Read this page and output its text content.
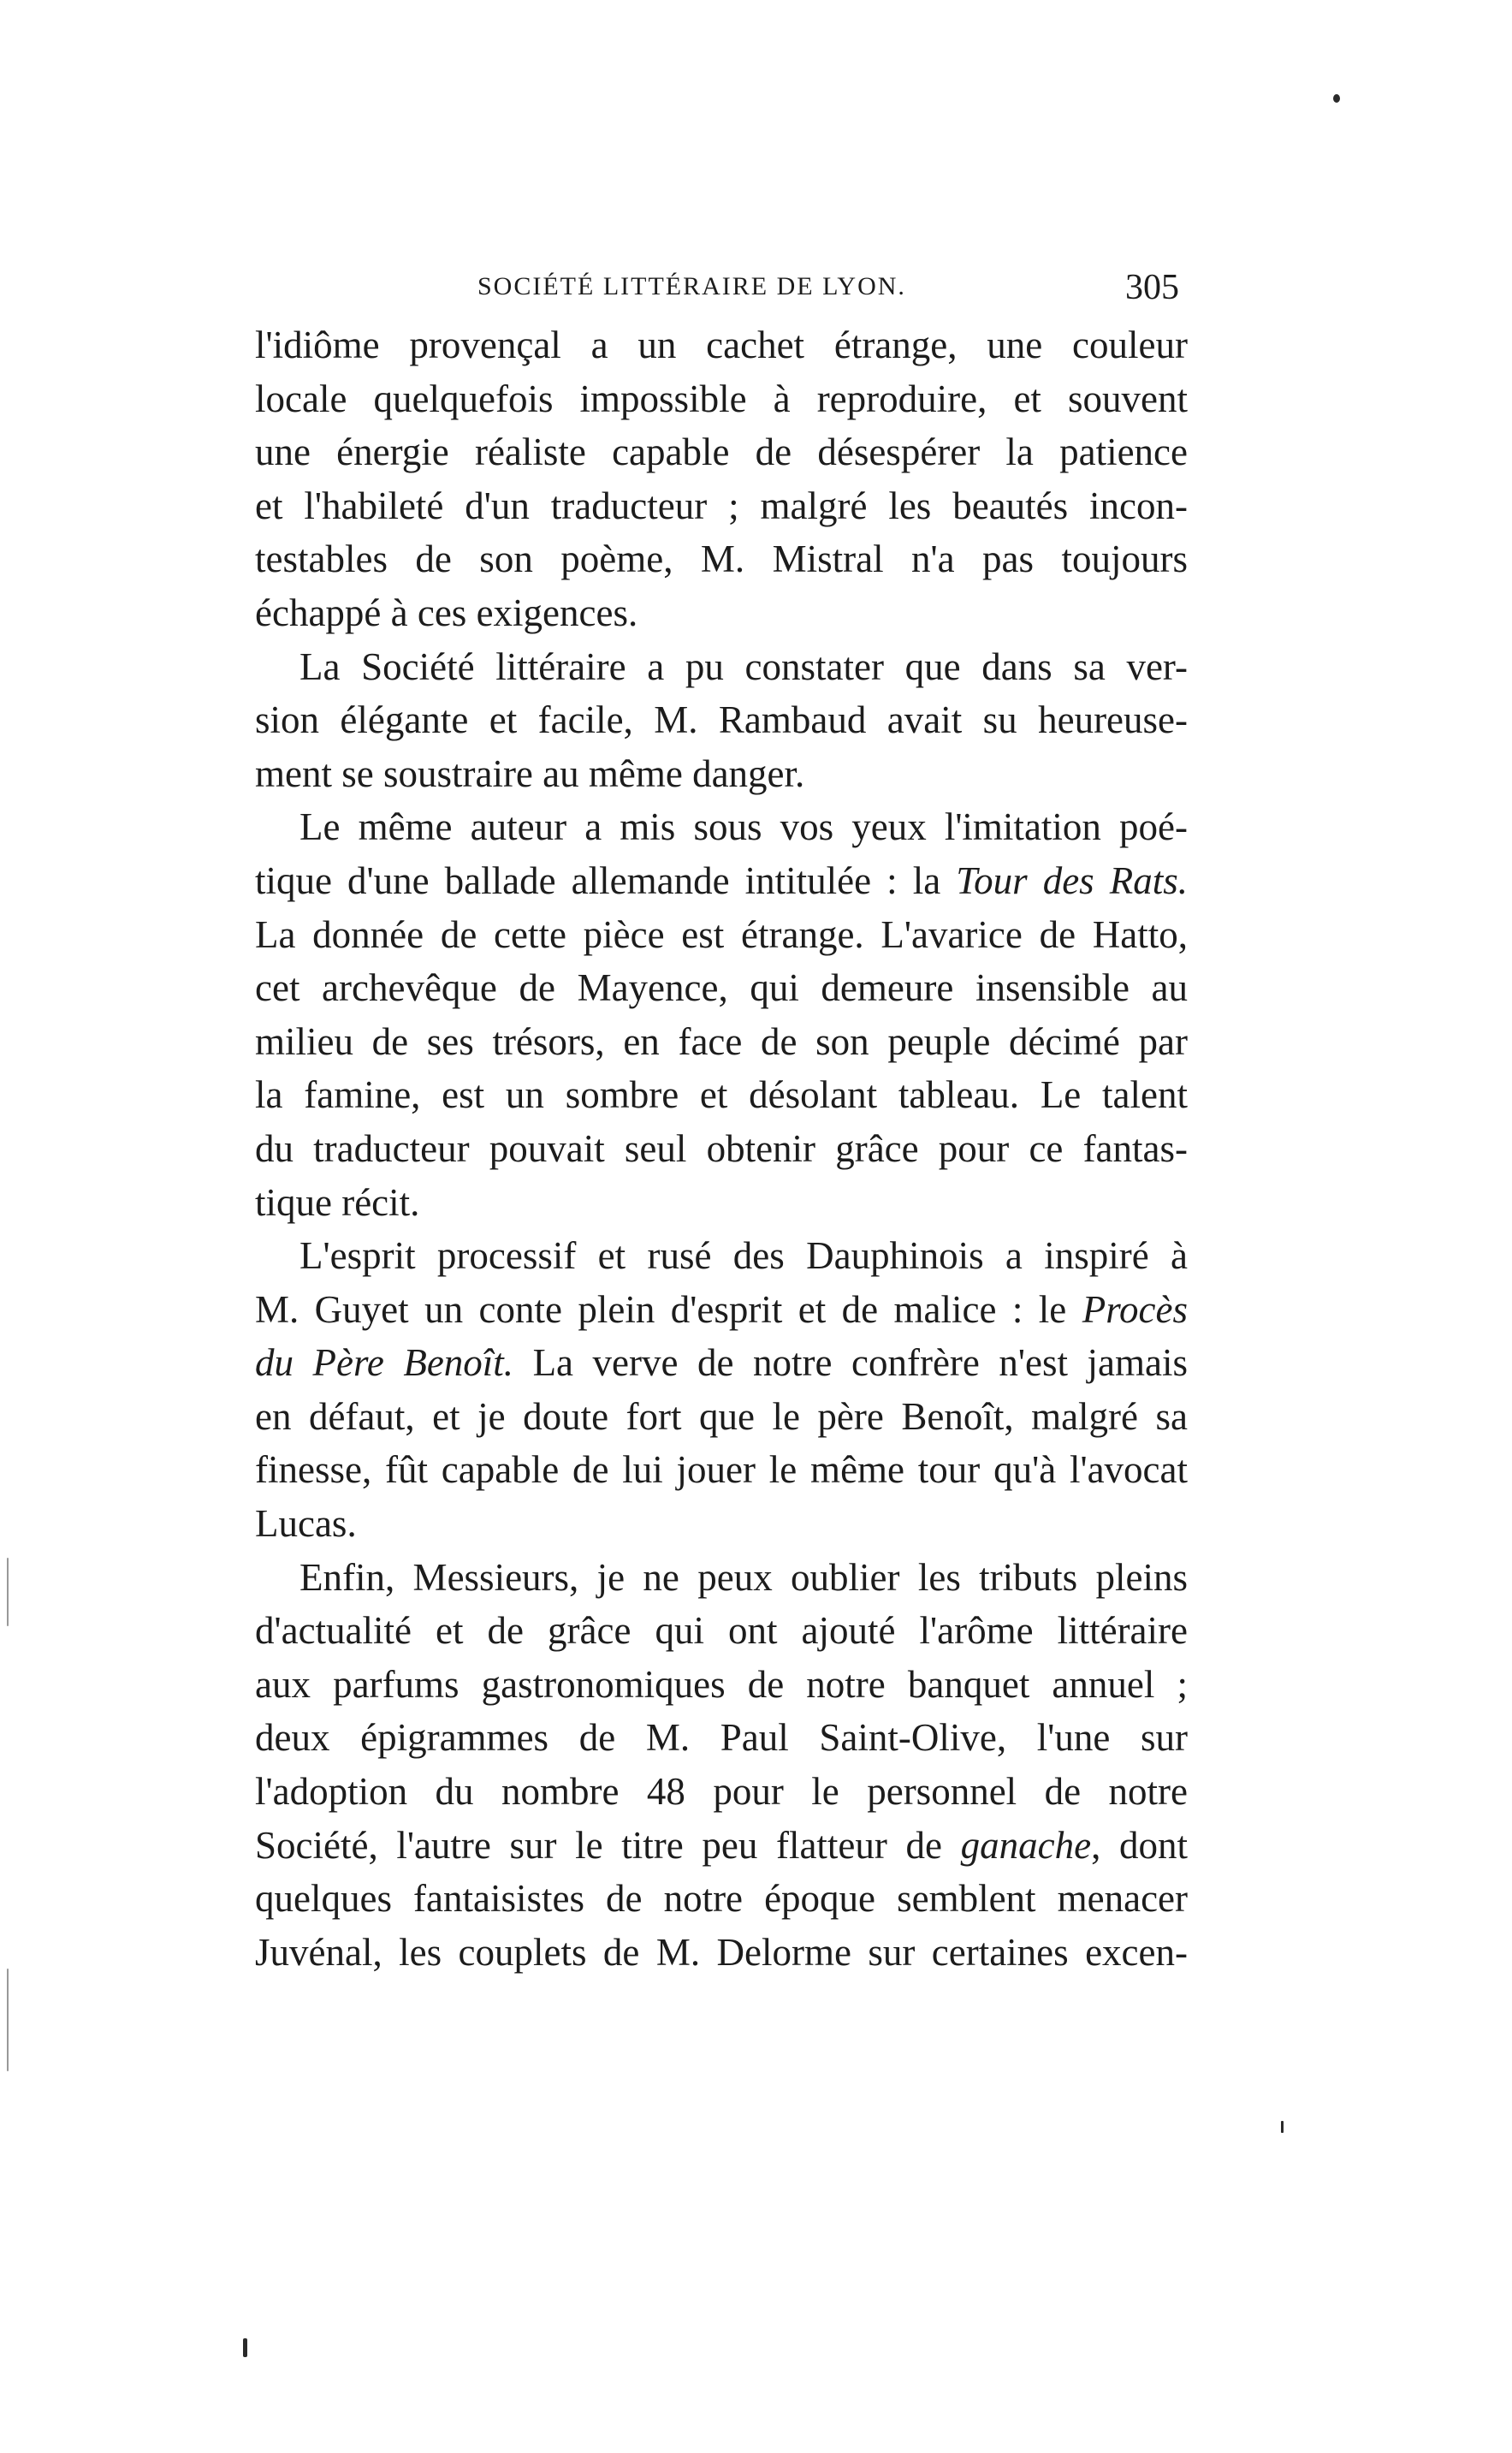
SOCIÉTÉ LITTÉRAIRE DE LYON.	305
l'idiôme provençal a un cachet étrange, une couleur
locale quelquefois impossible à reproduire, et souvent
une énergie réaliste capable de désespérer la patience
et l'habileté d'un traducteur ; malgré les beautés incon-
testables de son poème, M. Mistral n'a pas toujours
échappé à ces exigences.
La Société littéraire a pu constater que dans sa ver-
sion élégante et facile, M. Rambaud avait su heureuse-
ment se soustraire au même danger.
Le même auteur a mis sous vos yeux l'imitation poé-
tique d'une ballade allemande intitulée : la Tour des Rats.
La donnée de cette pièce est étrange. L'avarice de Hatto,
cet archevêque de Mayence, qui demeure insensible au
milieu de ses trésors, en face de son peuple décimé par
la famine, est un sombre et désolant tableau. Le talent
du traducteur pouvait seul obtenir grâce pour ce fantas-
tique récit.
L'esprit processif et rusé des Dauphinois a inspiré à
M. Guyet un conte plein d'esprit et de malice : le Procès
du Père Benoît. La verve de notre confrère n'est jamais
en défaut, et je doute fort que le père Benoît, malgré sa
finesse, fût capable de lui jouer le même tour qu'à l'avocat
Lucas.
Enfin, Messieurs, je ne peux oublier les tributs pleins
d'actualité et de grâce qui ont ajouté l'arôme littéraire
aux parfums gastronomiques de notre banquet annuel ;
deux épigrammes de M. Paul Saint-Olive, l'une sur
l'adoption du nombre 48 pour le personnel de notre
Société, l'autre sur le titre peu flatteur de ganache, dont
quelques fantaisistes de notre époque semblent menacer
Juvénal, les couplets de M. Delorme sur certaines excen-
